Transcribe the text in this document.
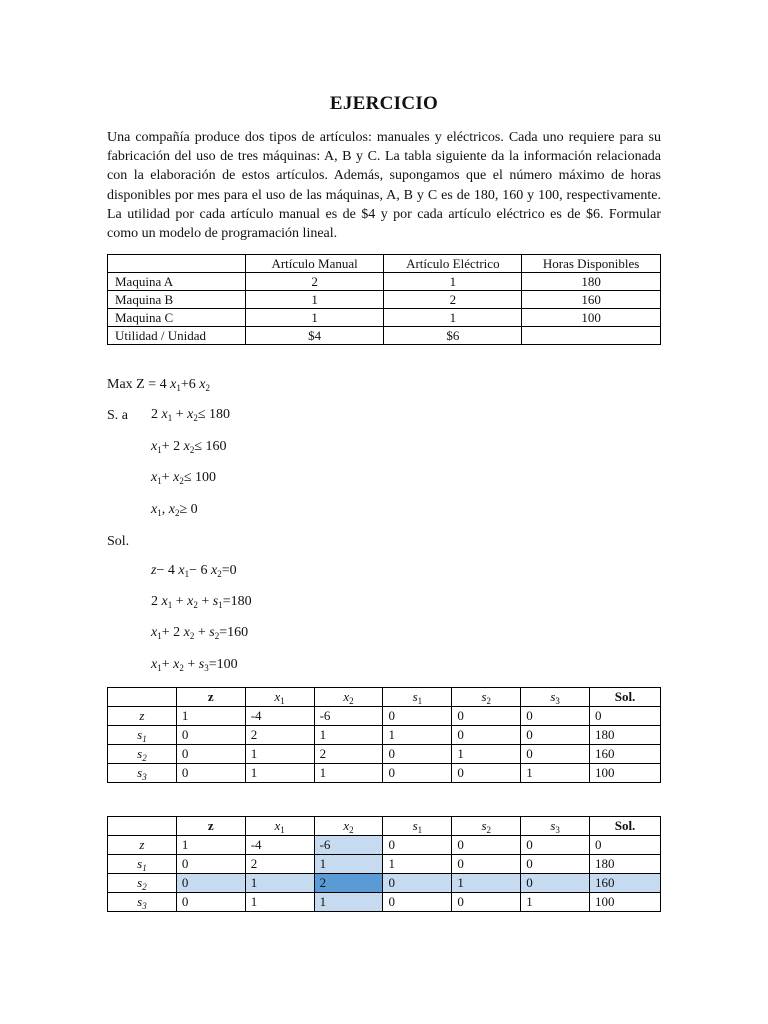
EJERCICIO
Una compañía produce dos tipos de artículos: manuales y eléctricos. Cada uno requiere para su fabricación del uso de tres máquinas: A, B y C. La tabla siguiente da la información relacionada con la elaboración de estos artículos. Además, supongamos que el número máximo de horas disponibles por mes para el uso de las máquinas, A, B y C es de 180, 160 y 100, respectivamente. La utilidad por cada artículo manual es de $4 y por cada artículo eléctrico es de $6. Formular como un modelo de programación lineal.
	Artículo Manual	Artículo Eléctrico	Horas Disponibles
Maquina A	2	1	180
Maquina B	1	2	160
Maquina C	1	1	100
Utilidad / Unidad	$4	$6	
Max Z = 4 $x_1+6$ $x_2$
S. a 2 $x_1 + x_2\le 180$
$x_1+ 2$ $x_2\le 160$
$x_1+ x_2\le 100$
$x_1$, $x_2\ge 0$
Sol.
z− 4 $x_1- 6$ $x_2=0$
2 $x_1 + x_2 + s_1=180$
$x_1+ 2$ $x_2 + s_2=160$
$x_1+ x_2 + s_3=100$
	z	$x_1$	$x_2$	$s_1$	$s_2$	$s_3$	Sol.
z	1	-4	-6	0	0	0	0
$s_1$	0	2	1	1	0	0	180
$s_2$	0	1	2	0	1	0	160
$s_3$	0	1	1	0	0	1	100
	z	$x_1$	$x_2$	$s_1$	$s_2$	$s_3$	Sol.
z	1	-4	-6	0	0	0	0
$s_1$	0	2	1	1	0	0	180
$s_2$	0	1	2	0	1	0	160
$s_3$	0	1	1	0	0	1	100
